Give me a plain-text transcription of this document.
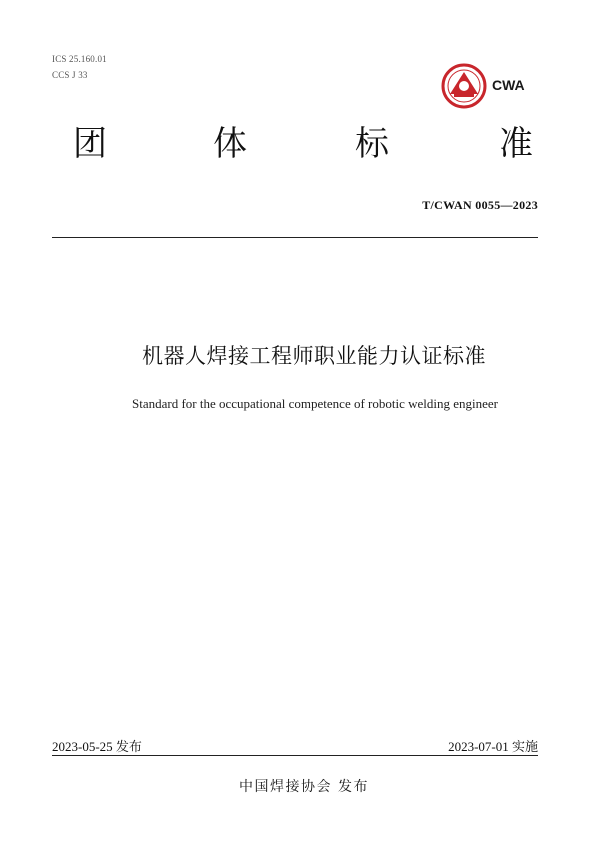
ICS 25.160.01
CCS J 33
CWA
团	体	标	准
T/CWAN 0055—2023
机器人焊接工程师职业能力认证标准
Standard for the occupational competence of robotic welding engineer
2023-05-25 发布	2023-07-01 实施
中国焊接协会 发布
